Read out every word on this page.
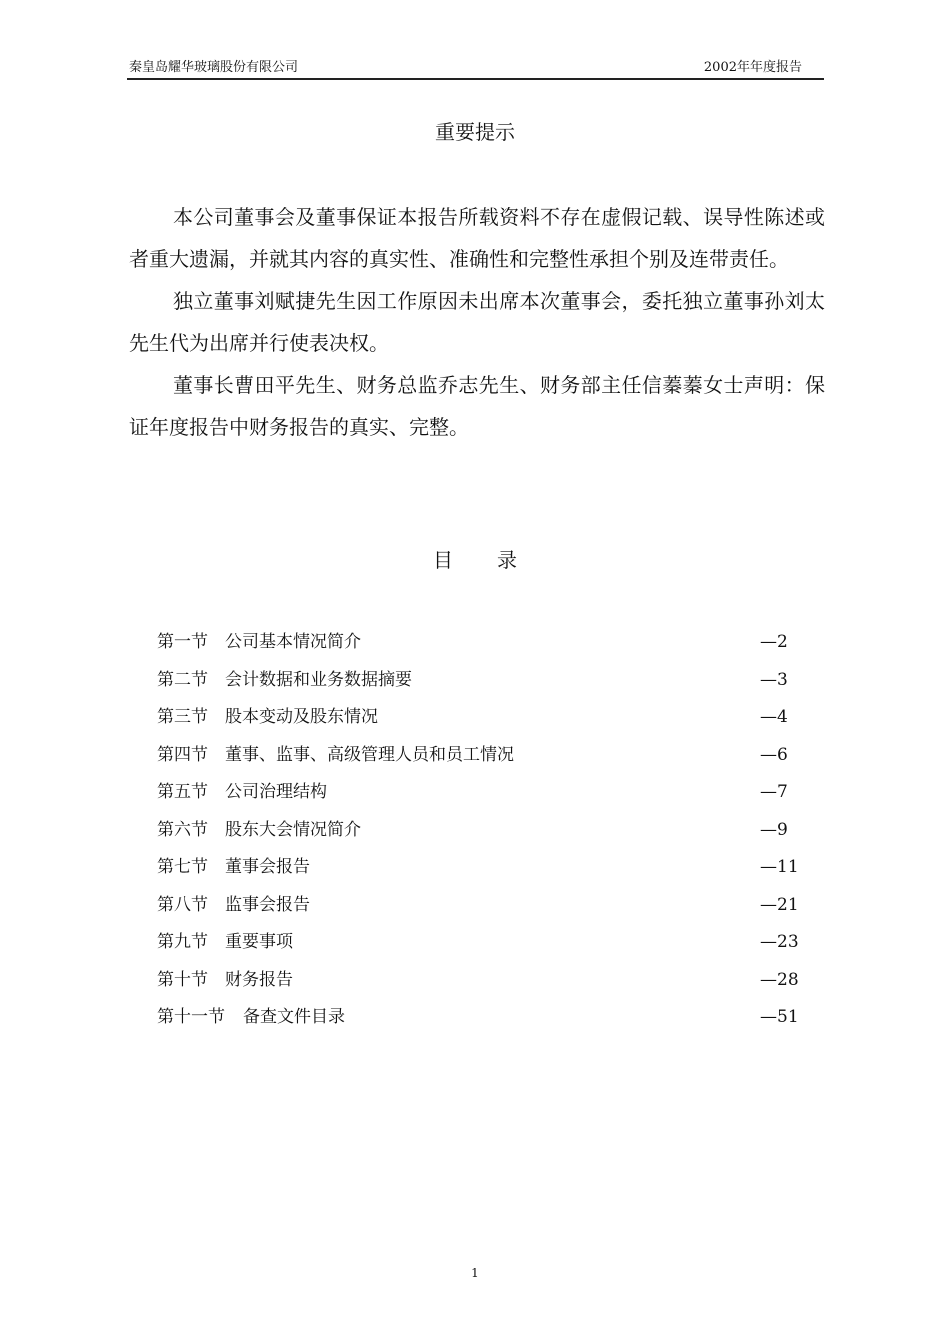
秦皇岛耀华玻璃股份有限公司	2002年年度报告
重要提示

本公司董事会及董事保证本报告所载资料不存在虚假记载、误导性陈述或者重大遗漏，并就其内容的真实性、准确性和完整性承担个别及连带责任。

独立董事刘赋捷先生因工作原因未出席本次董事会，委托独立董事孙刘太先生代为出席并行使表决权。

董事长曹田平先生、财务总监乔志先生、财务部主任信蓁蓁女士声明：保证年度报告中财务报告的真实、完整。

目 录
第一节 公司基本情况简介	—2
第二节 会计数据和业务数据摘要	—3
第三节 股本变动及股东情况	—4
第四节 董事、监事、高级管理人员和员工情况	—6
第五节 公司治理结构	—7
第六节 股东大会情况简介	—9
第七节 董事会报告	—11
第八节 监事会报告	—21
第九节 重要事项	—23
第十节 财务报告	—28
第十一节 备查文件目录	—51
1
